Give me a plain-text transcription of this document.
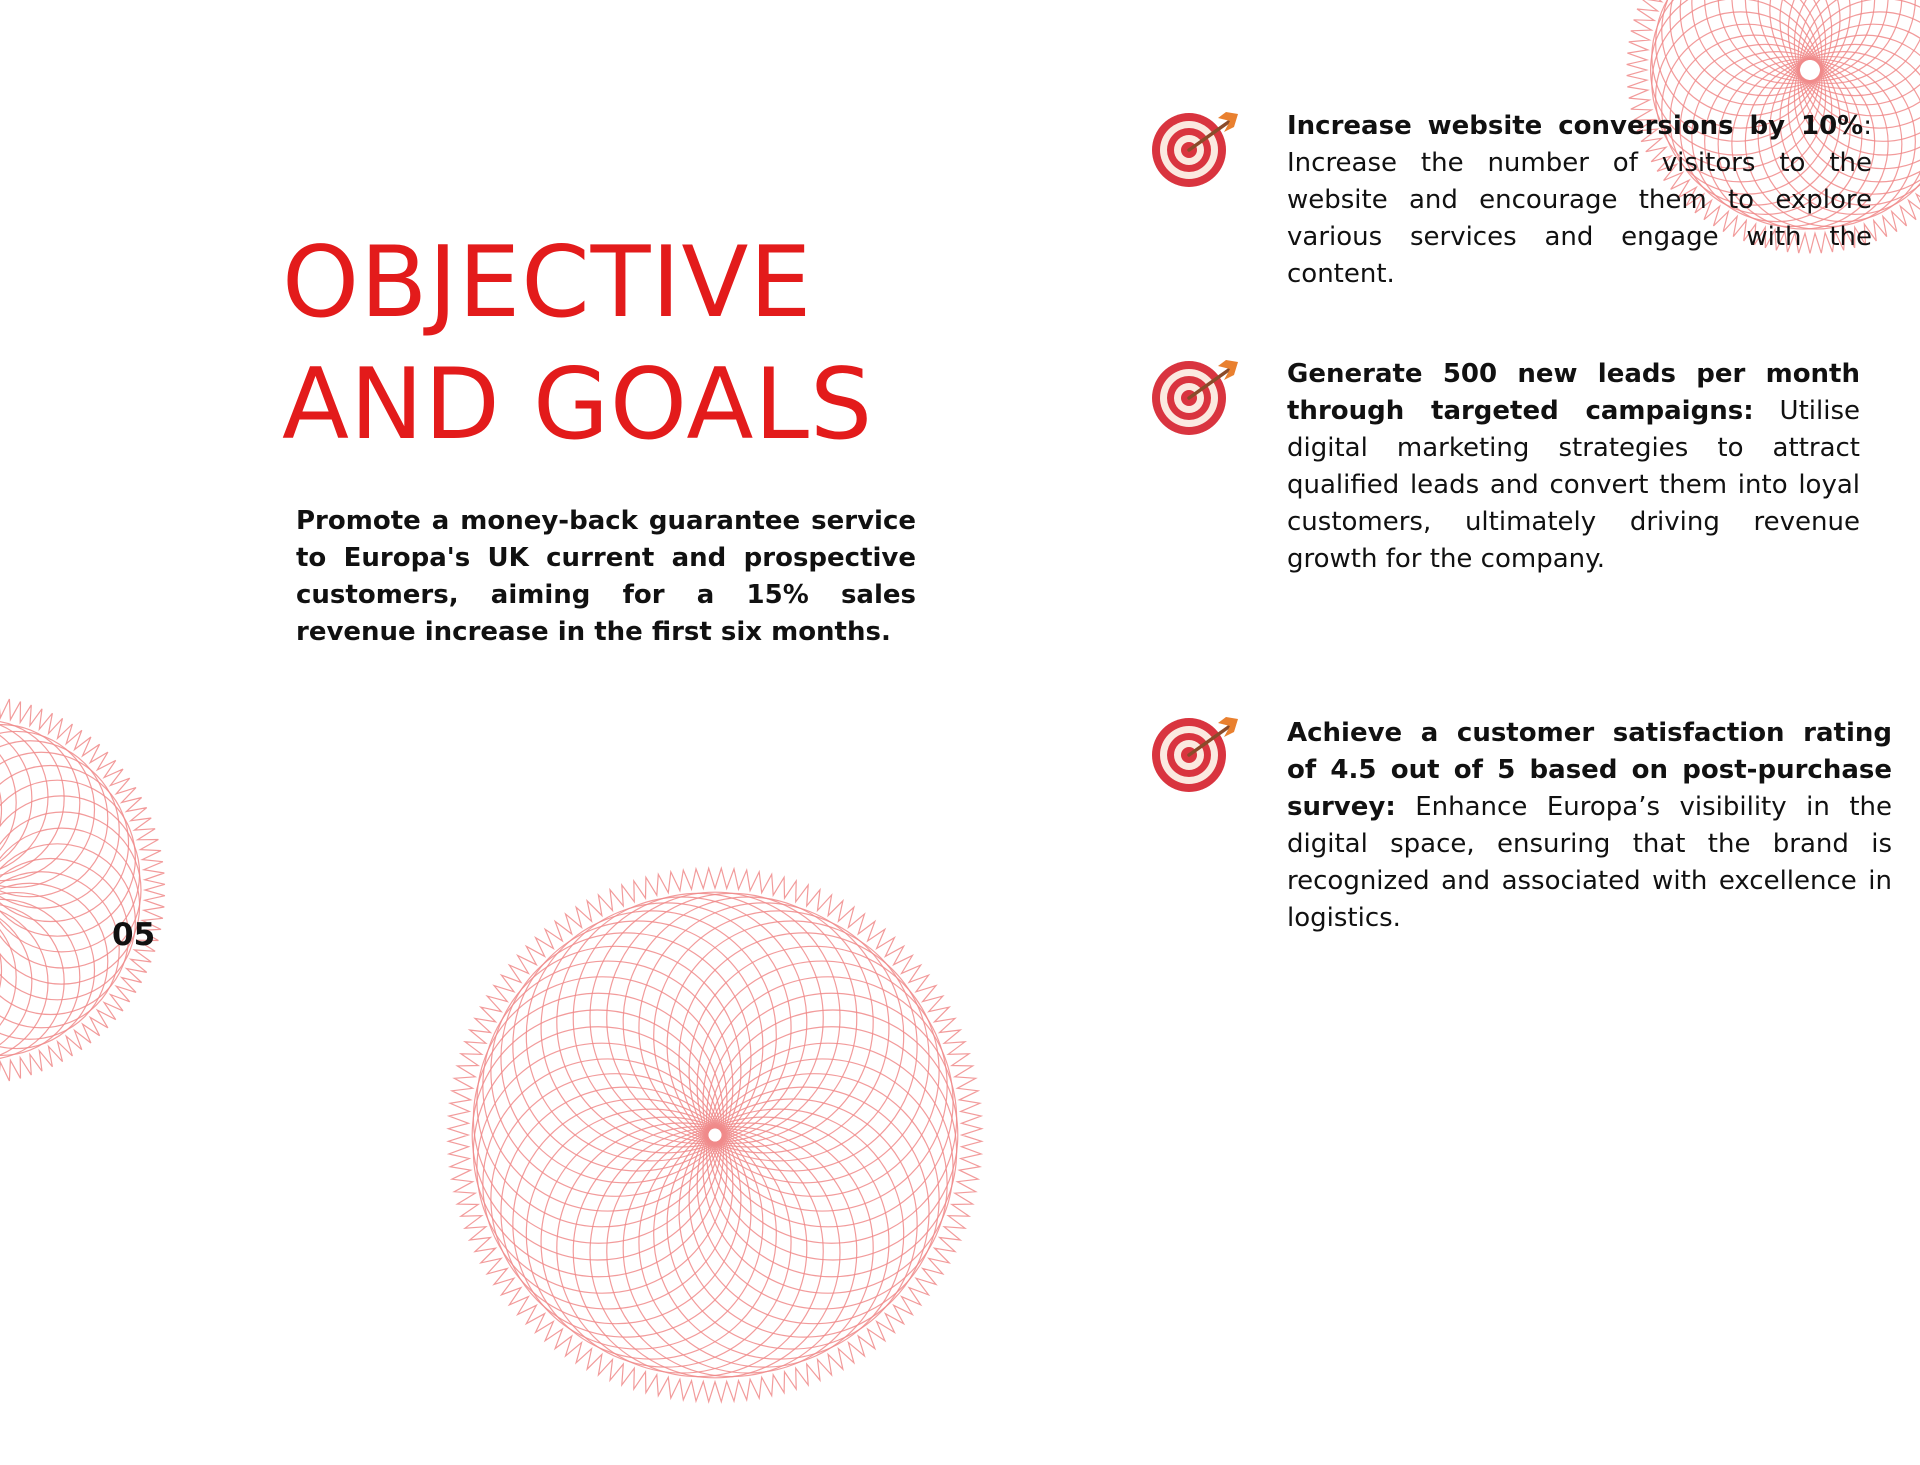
OBJECTIVE
AND GOALS

Promote a money-back guarantee service to Europa's UK current and prospective customers, aiming for a 15% sales revenue increase in the first six months.

05

Increase website conversions by 10%: Increase the number of visitors to the website and encourage them to explore various services and engage with the content.

Generate 500 new leads per month through targeted campaigns: Utilise digital marketing strategies to attract qualified leads and convert them into loyal customers, ultimately driving revenue growth for the company.

Achieve a customer satisfaction rating of 4.5 out of 5 based on post-purchase survey: Enhance Europa’s visibility in the digital space, ensuring that the brand is recognized and associated with excellence in logistics.
